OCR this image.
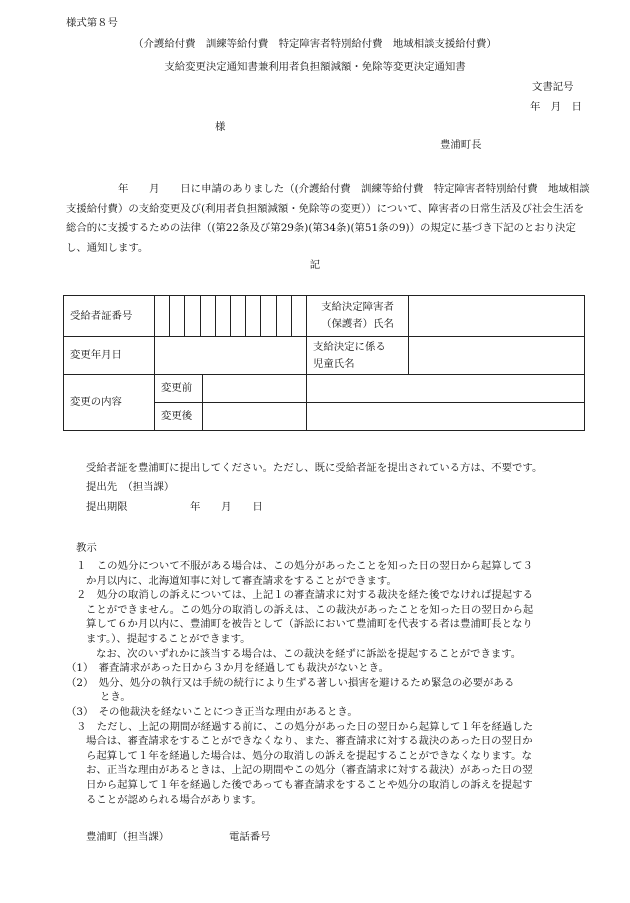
様式第８号
（介護給付費　訓練等給付費　特定障害者特別給付費　地域相談支援給付費）
支給変更決定通知書兼利用者負担額減額・免除等変更決定通知書
文書記号
年　月　日
様
豊浦町長
　　　　　年　　月　　日に申請のありました（(介護給付費　訓練等給付費　特定障害者特別給付費　地域相談支援給付費）の支給変更及び(利用者負担額減額・免除等の変更））について、障害者の日常生活及び社会生活を総合的に支援するための法律（(第22条及び第29条)(第34条)(第51条の9)）の規定に基づき下記のとおり決定し、通知します。
記
受給者証番号			支給決定障害者
（保護者）氏名	

変更年月日			支給決定に係る
児童氏名	

変更の内容	変更前			
	変更後			
受給者証を豊浦町に提出してください。ただし、既に受給者証を提出されている方は、不要です。
提出先　（担当課）
提出期限	年　　月　　日
教示
１　この処分について不服がある場合は、この処分があったことを知った日の翌日から起算して３
か月以内に、北海道知事に対して審査請求をすることができます。
２　処分の取消しの訴えについては、上記１の審査請求に対する裁決を経た後でなければ提起する
ことができません。この処分の取消しの訴えは、この裁決があったことを知った日の翌日から起
算して６か月以内に、豊浦町を被告として（訴訟において豊浦町を代表する者は豊浦町長となり
ます。）、提起することができます。
なお、次のいずれかに該当する場合は、この裁決を経ずに訴訟を提起することができます。
（1）　審査請求があった日から３か月を経過しても裁決がないとき。
（2）　処分、処分の執行又は手続の続行により生ずる著しい損害を避けるため緊急の必要がある
とき。
（3）　その他裁決を経ないことにつき正当な理由があるとき。
３　ただし、上記の期間が経過する前に、この処分があった日の翌日から起算して１年を経過した
場合は、審査請求をすることができなくなり、また、審査請求に対する裁決のあった日の翌日か
ら起算して１年を経過した場合は、処分の取消しの訴えを提起することができなくなります。な
お、正当な理由があるときは、上記の期間やこの処分（審査請求に対する裁決）があった日の翌
日から起算して１年を経過した後であっても審査請求をすることや処分の取消しの訴えを提起す
ることが認められる場合があります。
豊浦町（担当課）	電話番号
